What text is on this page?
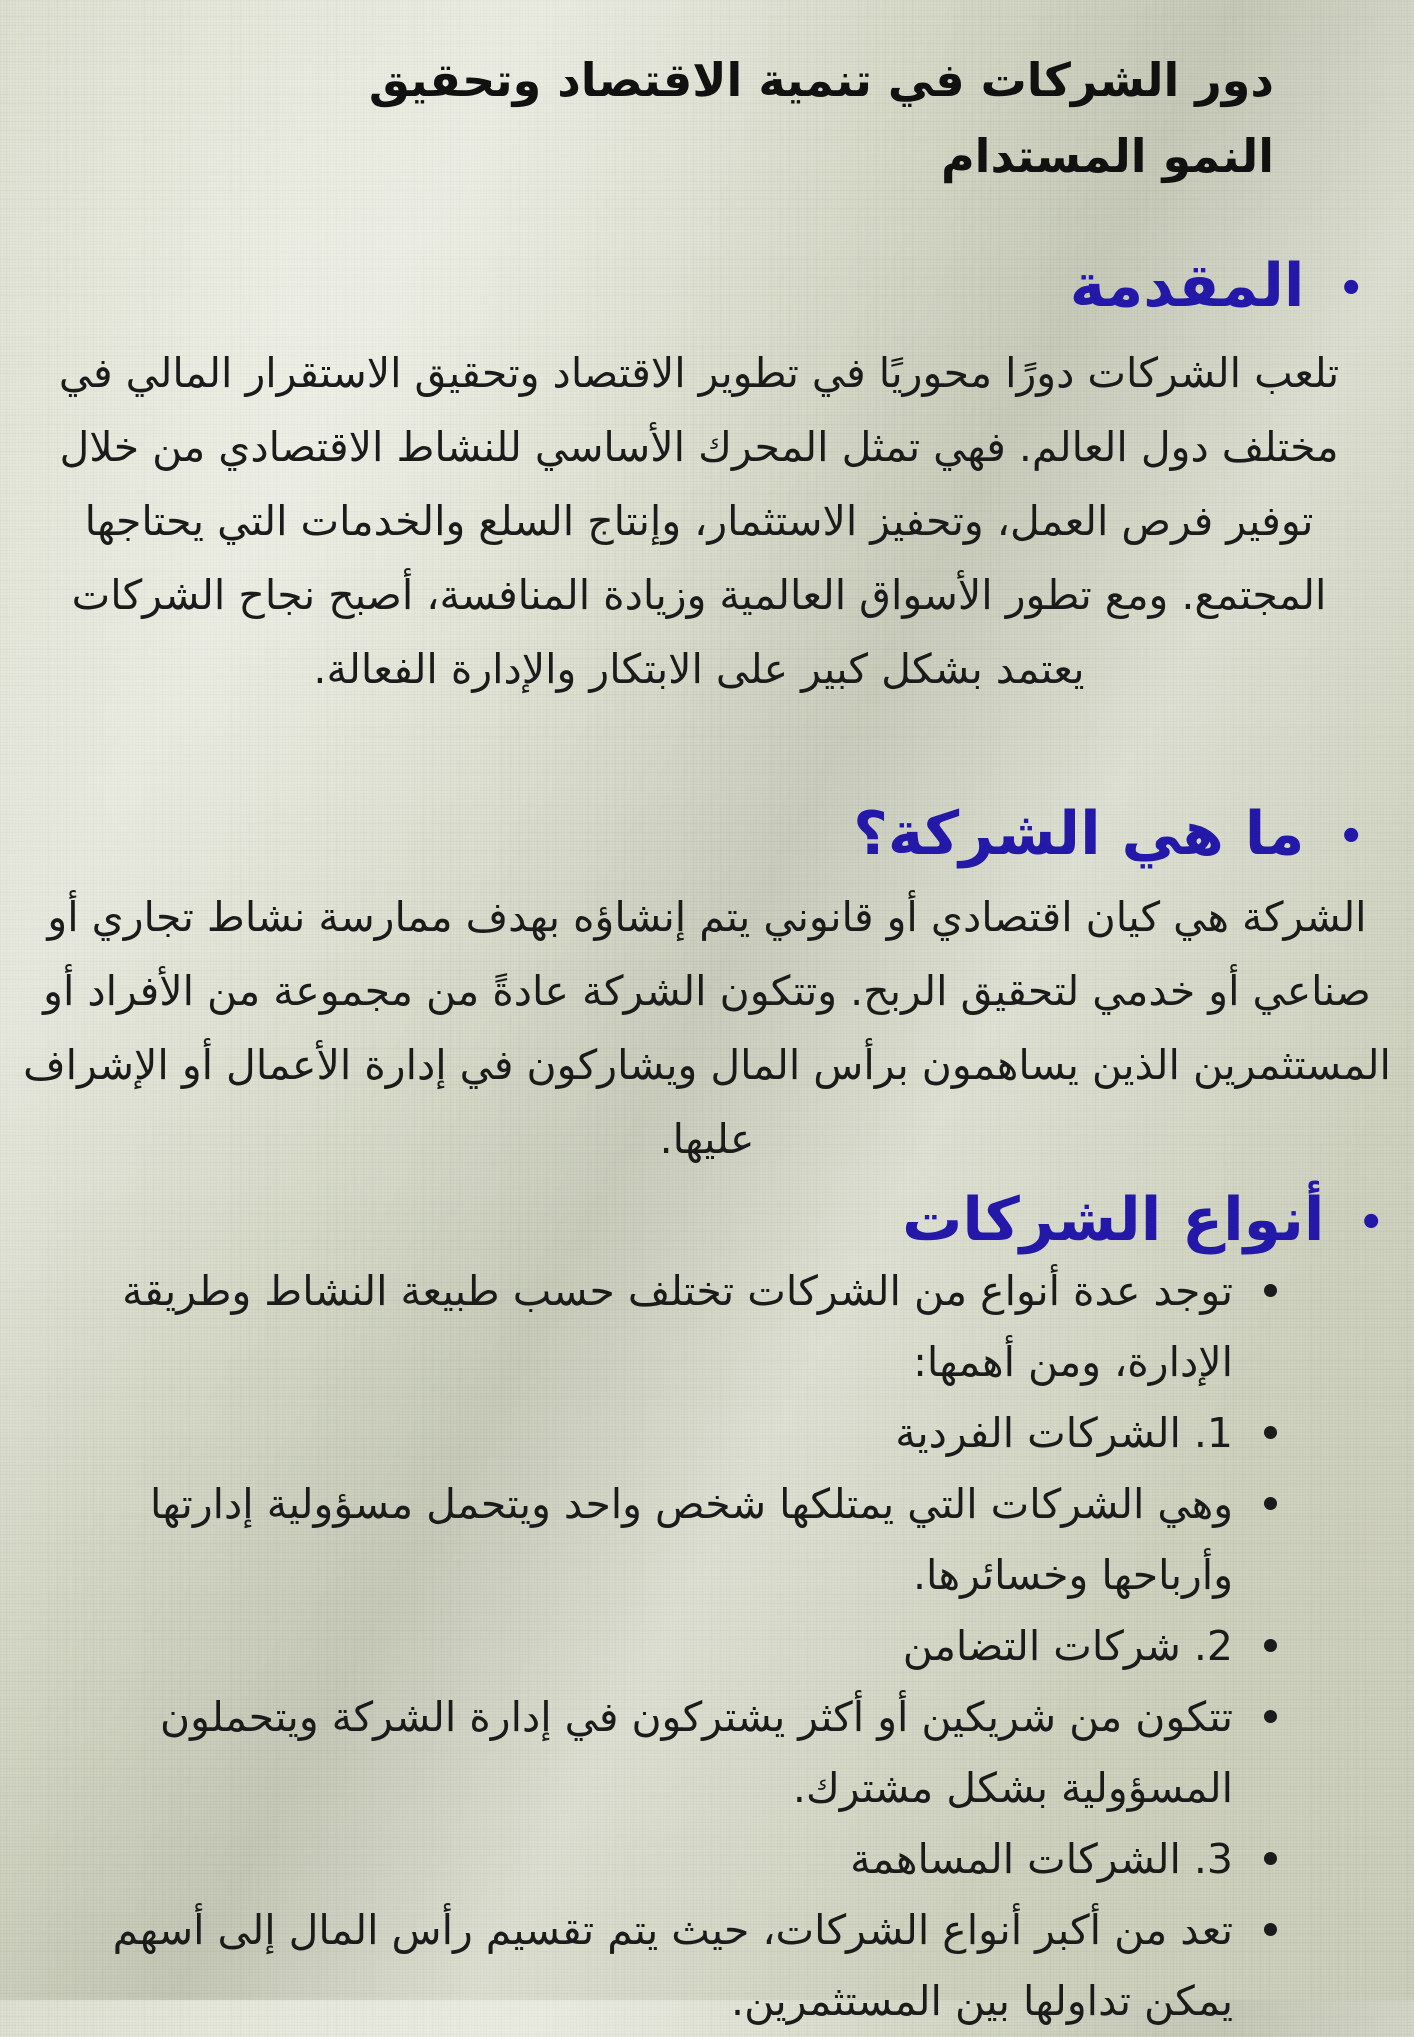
دور الشركات في تنمية الاقتصاد وتحقيق النمو المستدام
•المقدمة

تلعب الشركات دورًا محوريًا في تطوير الاقتصاد وتحقيق الاستقرار المالي في مختلف دول العالم. فهي تمثل المحرك الأساسي للنشاط الاقتصادي من خلال توفير فرص العمل، وتحفيز الاستثمار، وإنتاج السلع والخدمات التي يحتاجها المجتمع. ومع تطور الأسواق العالمية وزيادة المنافسة، أصبح نجاح الشركات يعتمد بشكل كبير على الابتكار والإدارة الفعالة.

•ما هي الشركة؟

الشركة هي كيان اقتصادي أو قانوني يتم إنشاؤه بهدف ممارسة نشاط تجاري أو صناعي أو خدمي لتحقيق الربح. وتتكون الشركة عادةً من مجموعة من الأفراد أو المستثمرين الذين يساهمون برأس المال ويشاركون في إدارة الأعمال أو الإشراف عليها.

•أنواع الشركات
توجد عدة أنواع من الشركات تختلف حسب طبيعة النشاط وطريقة الإدارة، ومن أهمها:
1. الشركات الفردية
وهي الشركات التي يمتلكها شخص واحد ويتحمل مسؤولية إدارتها وأرباحها وخسائرها.
2. شركات التضامن
تتكون من شريكين أو أكثر يشتركون في إدارة الشركة ويتحملون المسؤولية بشكل مشترك.
3. الشركات المساهمة
تعد من أكبر أنواع الشركات، حيث يتم تقسيم رأس المال إلى أسهم يمكن تداولها بين المستثمرين.
